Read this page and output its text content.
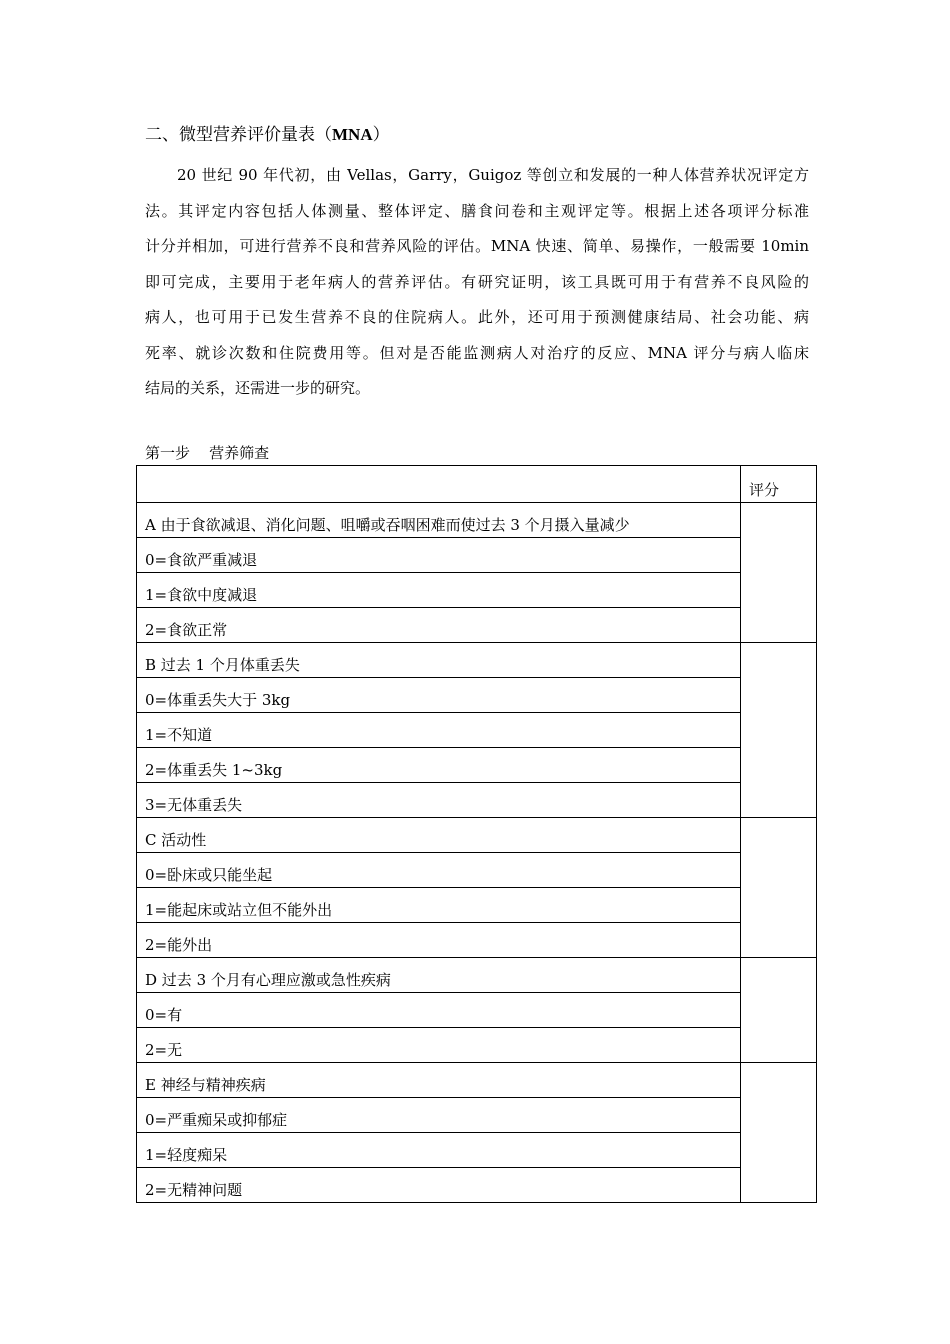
二、微型营养评价量表（MNA）
20 世纪 90 年代初，由 Vellas，Garry，Guigoz 等创立和发展的一种人体营养状况评定方
法。其评定内容包括人体测量、整体评定、膳食问卷和主观评定等。根据上述各项评分标准
计分并相加，可进行营养不良和营养风险的评估。MNA 快速、简单、易操作，一般需要 10min
即可完成，主要用于老年病人的营养评估。有研究证明，该工具既可用于有营养不良风险的
病人，也可用于已发生营养不良的住院病人。此外，还可用于预测健康结局、社会功能、病
死率、就诊次数和住院费用等。但对是否能监测病人对治疗的反应、MNA 评分与病人临床
结局的关系，还需进一步的研究。
第一步    营养筛查
	评分
A 由于食欲减退、消化问题、咀嚼或吞咽困难而使过去 3 个月摄入量减少	
0=食欲严重减退	
1=食欲中度减退	
2=食欲正常	
B 过去 1 个月体重丢失	
0=体重丢失大于 3kg	
1=不知道	
2=体重丢失 1~3kg	
3=无体重丢失	
C 活动性	
0=卧床或只能坐起	
1=能起床或站立但不能外出	
2=能外出	
D 过去 3 个月有心理应激或急性疾病	
0=有	
2=无	
E 神经与精神疾病	
0=严重痴呆或抑郁症	
1=轻度痴呆	
2=无精神问题	
